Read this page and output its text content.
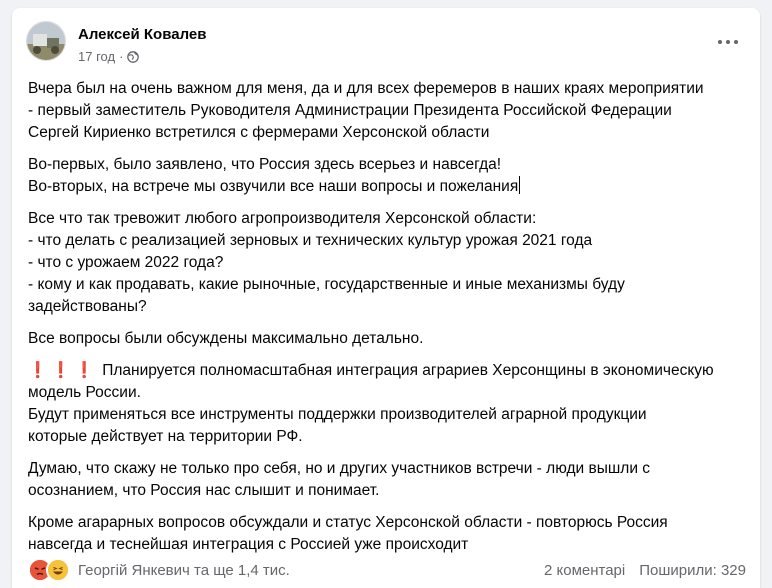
Алексей Ковалев
17 год ·

Вчера был на очень важном для меня, да и для всех феремеров в наших краях мероприятии
- первый заместитель Руководителя Администрации Президента Российской Федерации
Сергей Кириенко встретился с фермерами Херсонской области

Во-первых, было заявлено, что Россия здесь всерьез и навсегда!
Во-вторых, на встрече мы озвучили все наши вопросы и пожелания

Все что так тревожит любого агропроизводителя Херсонской области:
- что делать с реализацией зерновых и технических культур урожая 2021 года
- что с урожаем 2022 года?
- кому и как продавать, какие рыночные, государственные и иные механизмы буду
задействованы?

Все вопросы были обсуждены максимально детально.

❗❗❗ Планируется полномасштабная интеграция аграриев Херсонщины в экономическую
модель России.
Будут применяться все инструменты поддержки производителей аграрной продукции
которые действует на территории РФ.

Думаю, что скажу не только про себя, но и других участников встречи - люди вышли с
осознанием, что Россия нас слышит и понимает.

Кроме агарарных вопросов обсуждали и статус Херсонской области - повторюсь Россия
навсегда и теснейшая интеграция с Россией уже происходит

Георгій Янкевич та ще 1,4 тис.	2 коментарі Поширили: 329
